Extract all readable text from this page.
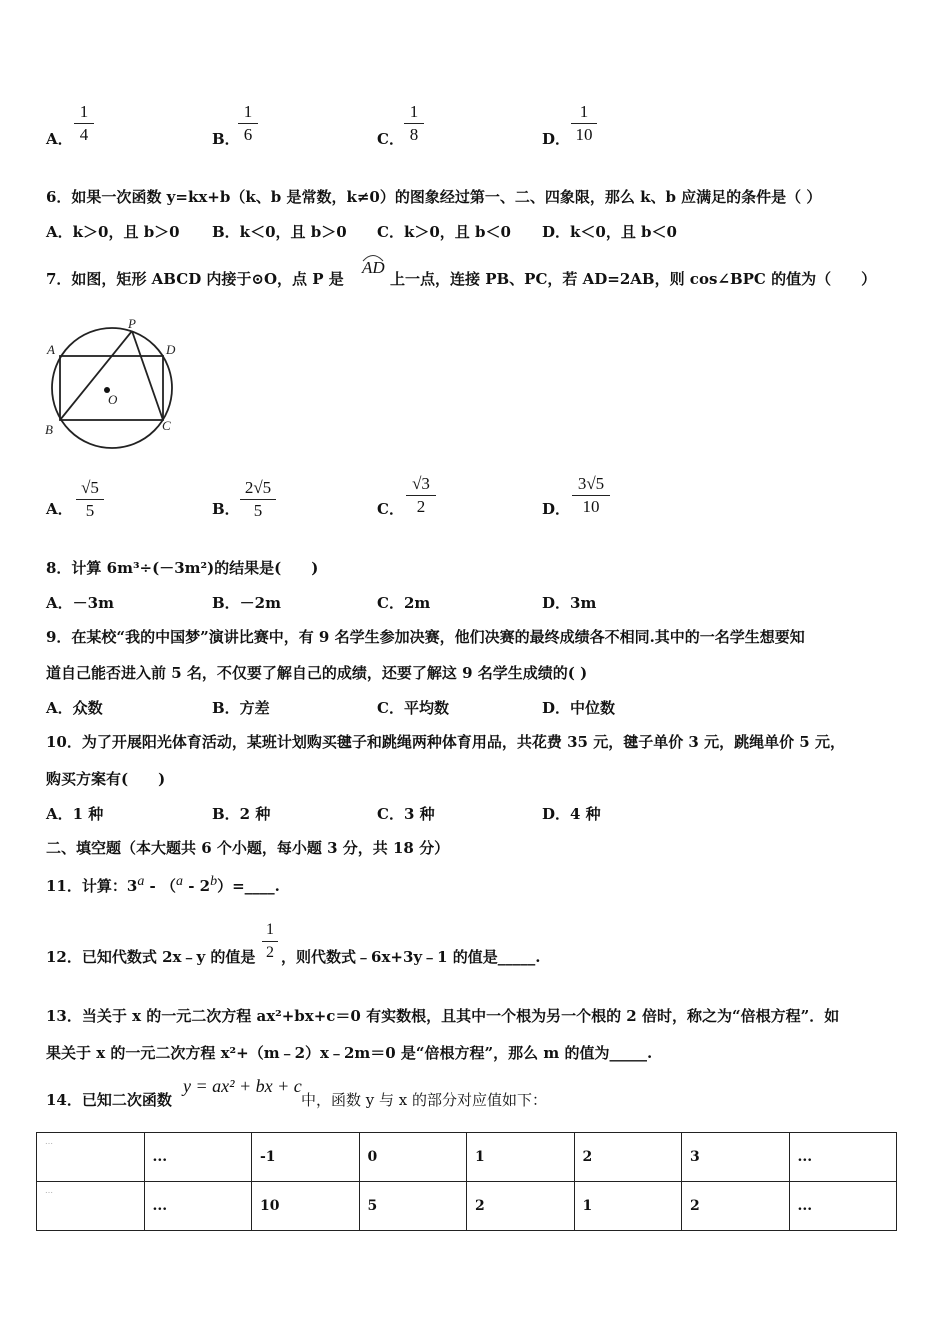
A．
1
4	B．
1
6	C．
1
8	D．
1
10
6．如果一次函数 y=kx+b（k、b 是常数，k≠0）的图象经过第一、二、四象限，那么 k、b 应满足的条件是（ ）
A．k＞0，且 b＞0 B．k＜0，且 b＞0 C．k＞0，且 b＜0 D．k＜0，且 b＜0
7．如图，矩形 ABCD 内接于⊙O，点 P 是
AD
上一点，连接 PB、PC，若 AD=2AB，则 cos∠BPC 的值为（　　）
P
A	D
O
B	C
A．
√5
5	B．
2√5
5	C．
√3
2	D．
3√5
10
8．计算 6m³÷(－3m²)的结果是(　　)
A．－3m	B．－2m	C．2m	D．3m
9．在某校“我的中国梦”演讲比赛中，有 9 名学生参加决赛，他们决赛的最终成绩各不相同.其中的一名学生想要知
道自己能否进入前 5 名，不仅要了解自己的成绩，还要了解这 9 名学生成绩的( )
A．众数	B．方差	C．平均数	D．中位数
10．为了开展阳光体育活动，某班计划购买毽子和跳绳两种体育用品，共花费 35 元，毽子单价 3 元，跳绳单价 5 元，
购买方案有(　　)
A．1 种	B．2 种	C．3 种	D．4 种
二、填空题（本大题共 6 个小题，每小题 3 分，共 18 分）
11．计算：$3^a - (^a - 2^b)=\_\_\_\_$.
12．已知代数式 2x﹣y 的值是
1
2 ，则代数式﹣6x+3y﹣1 的值是_____.
13．当关于 x 的一元二次方程 ax²+bx+c＝0 有实数根，且其中一个根为另一个根的 2 倍时，称之为“倍根方程”．如
果关于 x 的一元二次方程 x²+（m﹣2）x﹣2m＝0 是“倍根方程”，那么 m 的值为_____.
14．已知二次函数
y = ax² + bx + c
中，函数 y 与 x 的部分对应值如下：
…	...	-1	0	1	2	3	...
…	...	10	5	2	1	2	...
